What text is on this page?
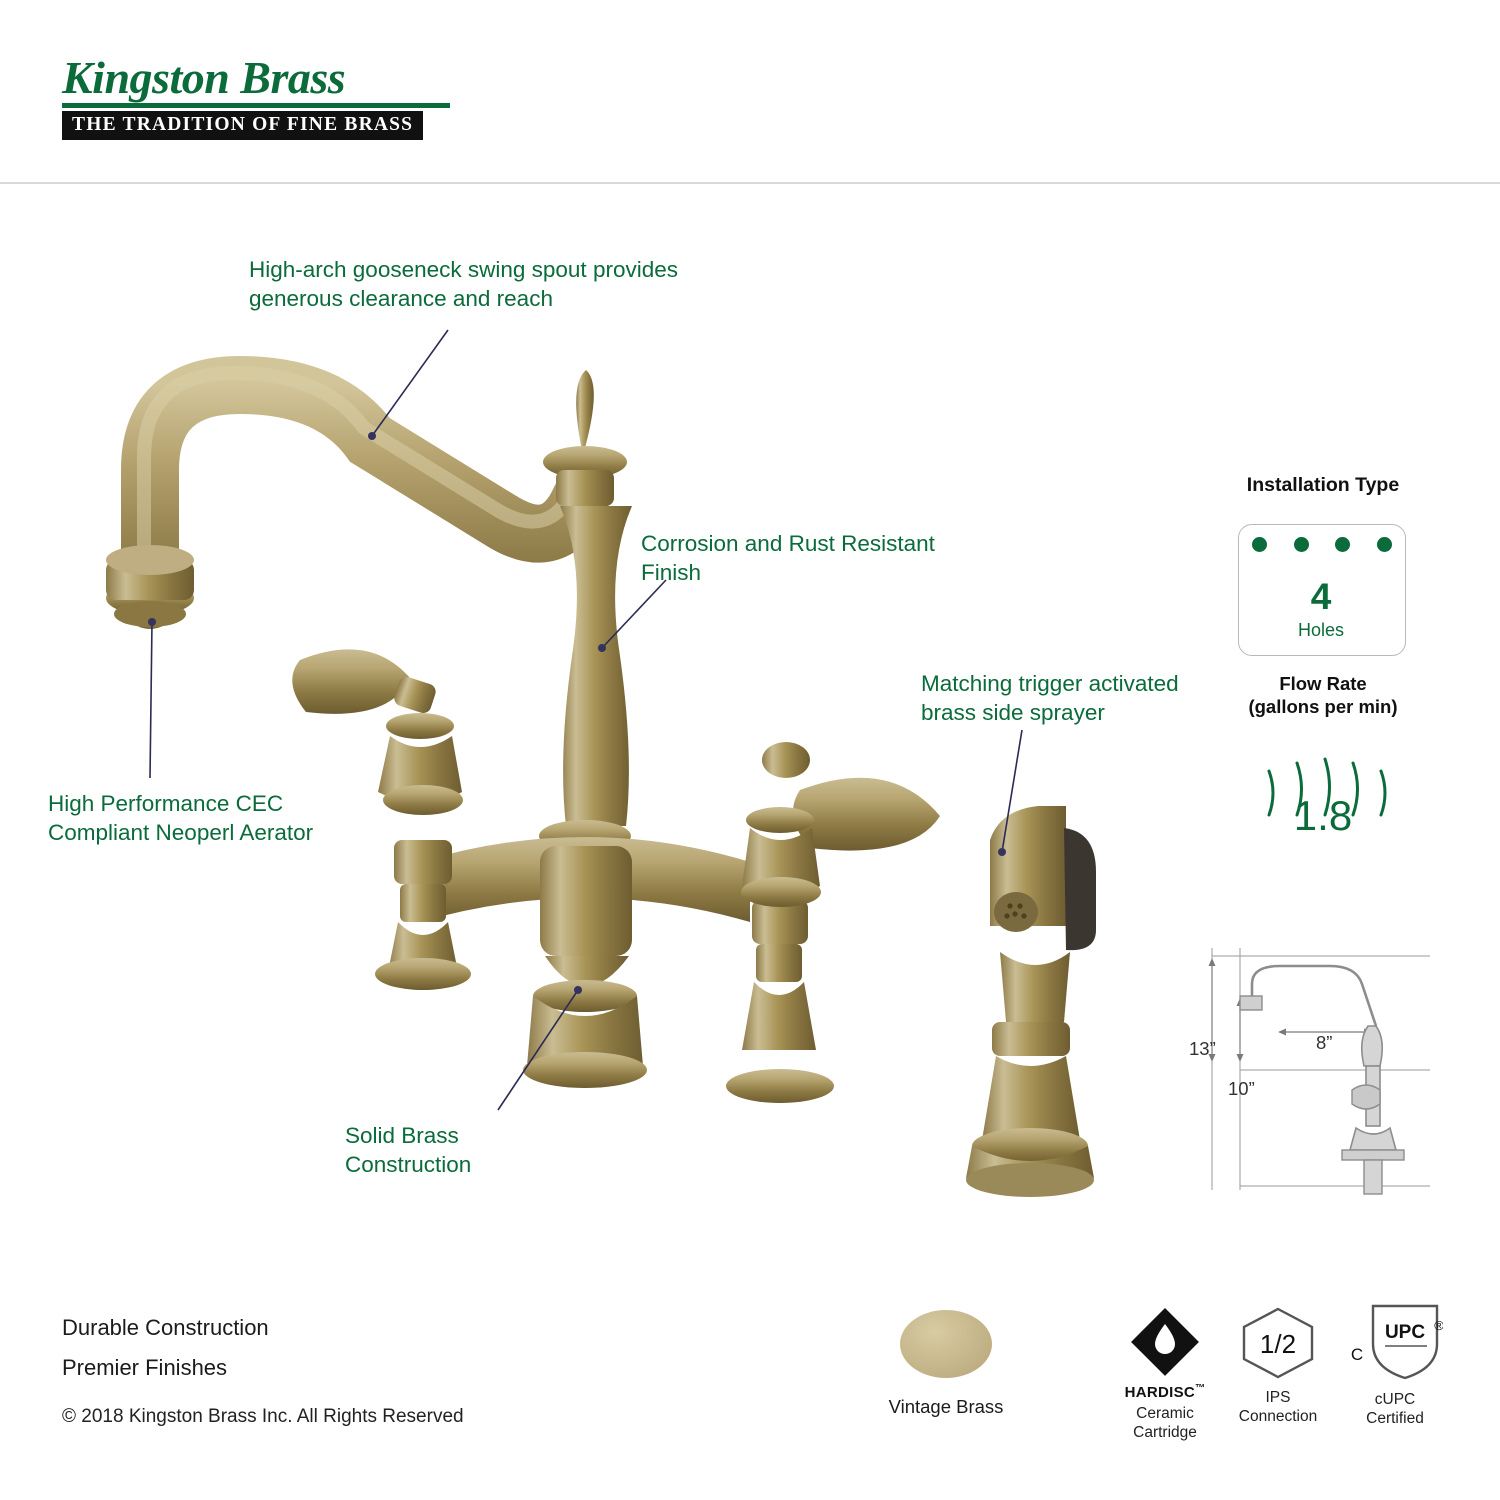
Kingston Brass
THE TRADITION OF FINE BRASS
High-arch gooseneck swing spout provides generous clearance and reach
Corrosion and Rust Resistant Finish
Matching trigger activated brass side sprayer
High Performance CEC Compliant Neoperl Aerator
Solid Brass Construction
Installation Type
4
Holes
Flow Rate
(gallons per min)
1.8
13”
10”
8”
Durable Construction
Premier Finishes
© 2018 Kingston Brass Inc. All Rights Reserved	Vintage Brass
HARDISC™
Ceramic
Cartridge
1/2
IPS
Connection
UPC
C
®
cUPC
Certified
